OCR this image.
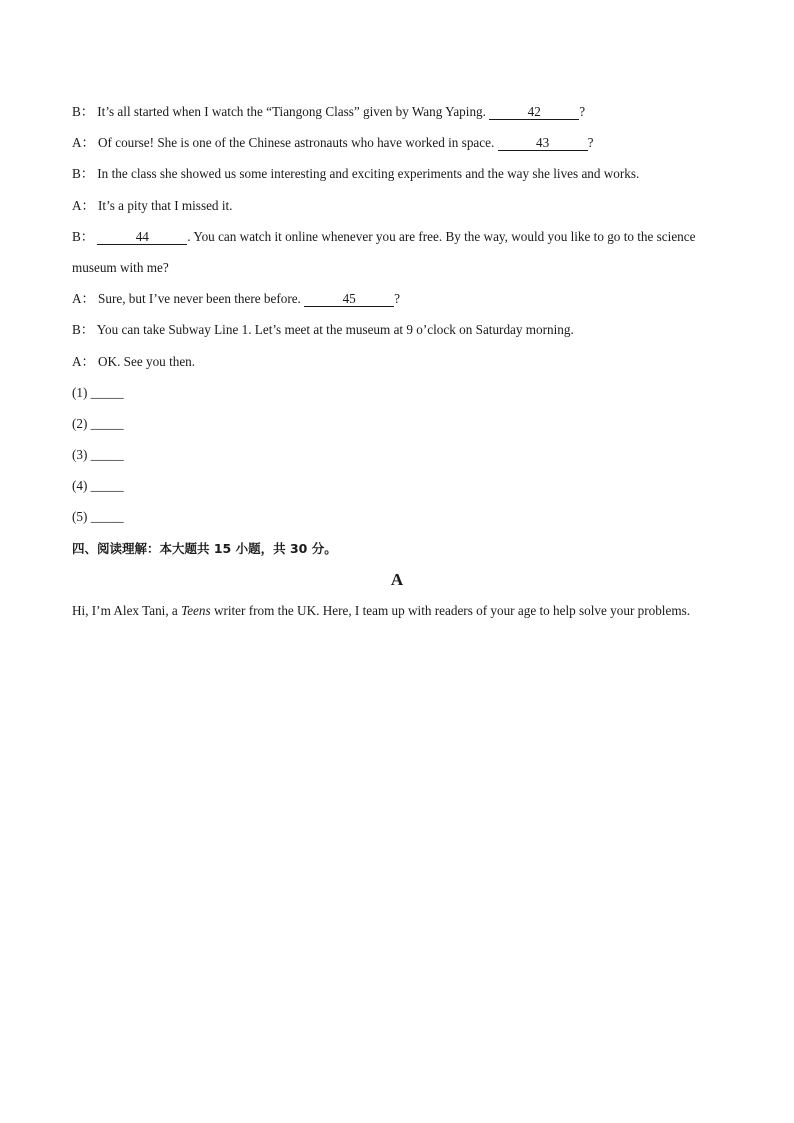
B： It’s all started when I watch the “Tiangong Class” given by Wang Yaping.	42	?
A： Of course! She is one of the Chinese astronauts who have worked in space.	43	?
B： In the class she showed us some interesting and exciting experiments and the way she lives and works.
A： It’s a pity that I missed it.
B：	44	. You can watch it online whenever you are free. By the way, would you like to go to the science museum with me?
A： Sure, but I’ve never been there before.	45	?
B： You can take Subway Line 1. Let’s meet at the museum at 9 o’clock on Saturday morning.
A： OK. See you then.
(1) _____
(2) _____
(3) _____
(4) _____
(5) _____
四、阅读理解：本大题共 15 小题，共 30 分。
A
Hi, I’m Alex Tani, a Teens writer from the UK. Here, I team up with readers of your age to help solve your problems.
